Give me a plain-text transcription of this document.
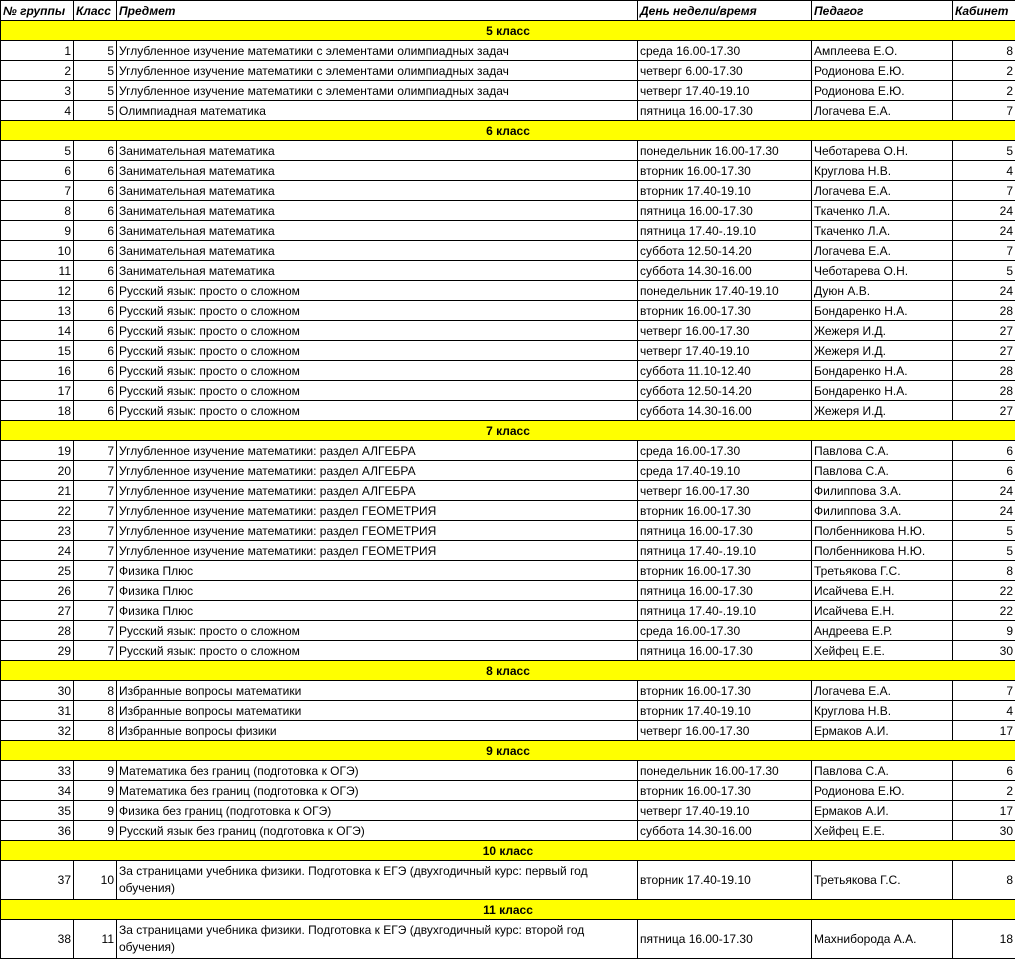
№ группы	Класс	Предмет	День недели/время	Педагог	Кабинет
5 класс					
1	5	Углубленное изучение математики с элементами олимпиадных задач	среда 16.00-17.30	Амплеева Е.О.	8
2	5	Углубленное изучение математики с элементами олимпиадных задач	четверг 6.00-17.30	Родионова Е.Ю.	2
3	5	Углубленное изучение математики с элементами олимпиадных задач	четверг 17.40-19.10	Родионова Е.Ю.	2
4	5	Олимпиадная математика	пятница 16.00-17.30	Логачева Е.А.	7
6 класс					
5	6	Занимательная математика	понедельник 16.00-17.30	Чеботарева О.Н.	5
6	6	Занимательная математика	вторник 16.00-17.30	Круглова Н.В.	4
7	6	Занимательная математика	вторник 17.40-19.10	Логачева Е.А.	7
8	6	Занимательная математика	пятница 16.00-17.30	Ткаченко Л.А.	24
9	6	Занимательная математика	пятница 17.40-.19.10	Ткаченко Л.А.	24
10	6	Занимательная математика	суббота 12.50-14.20	Логачева Е.А.	7
11	6	Занимательная математика	суббота 14.30-16.00	Чеботарева О.Н.	5
12	6	Русский язык: просто о сложном	понедельник 17.40-19.10	Дуюн А.В.	24
13	6	Русский язык: просто о сложном	вторник 16.00-17.30	Бондаренко Н.А.	28
14	6	Русский язык: просто о сложном	четверг 16.00-17.30	Жежеря И.Д.	27
15	6	Русский язык: просто о сложном	четверг 17.40-19.10	Жежеря И.Д.	27
16	6	Русский язык: просто о сложном	суббота 11.10-12.40	Бондаренко Н.А.	28
17	6	Русский язык: просто о сложном	суббота 12.50-14.20	Бондаренко Н.А.	28
18	6	Русский язык: просто о сложном	суббота 14.30-16.00	Жежеря И.Д.	27
7 класс					
19	7	Углубленное изучение математики: раздел АЛГЕБРА	среда 16.00-17.30	Павлова С.А.	6
20	7	Углубленное изучение математики: раздел АЛГЕБРА	среда 17.40-19.10	Павлова С.А.	6
21	7	Углубленное изучение математики: раздел АЛГЕБРА	четверг 16.00-17.30	Филиппова З.А.	24
22	7	Углубленное изучение математики: раздел ГЕОМЕТРИЯ	вторник 16.00-17.30	Филиппова З.А.	24
23	7	Углубленное изучение математики: раздел ГЕОМЕТРИЯ	пятница 16.00-17.30	Полбенникова Н.Ю.	5
24	7	Углубленное изучение математики: раздел ГЕОМЕТРИЯ	пятница 17.40-.19.10	Полбенникова Н.Ю.	5
25	7	Физика Плюс	вторник 16.00-17.30	Третьякова Г.С.	8
26	7	Физика Плюс	пятница 16.00-17.30	Исайчева Е.Н.	22
27	7	Физика Плюс	пятница 17.40-.19.10	Исайчева Е.Н.	22
28	7	Русский язык: просто о сложном	среда 16.00-17.30	Андреева Е.Р.	9
29	7	Русский язык: просто о сложном	пятница 16.00-17.30	Хейфец Е.Е.	30
8 класс					
30	8	Избранные вопросы математики	вторник 16.00-17.30	Логачева Е.А.	7
31	8	Избранные вопросы математики	вторник 17.40-19.10	Круглова Н.В.	4
32	8	Избранные вопросы физики	четверг 16.00-17.30	Ермаков А.И.	17
9 класс					
33	9	Математика без границ (подготовка к ОГЭ)	понедельник 16.00-17.30	Павлова С.А.	6
34	9	Математика без границ (подготовка к ОГЭ)	вторник 16.00-17.30	Родионова Е.Ю.	2
35	9	Физика без границ (подготовка к ОГЭ)	четверг 17.40-19.10	Ермаков А.И.	17
36	9	Русский язык без границ (подготовка к ОГЭ)	суббота 14.30-16.00	Хейфец Е.Е.	30
10 класс					
37	10	За страницами учебника физики. Подготовка к ЕГЭ (двухгодичный курс: первый год обучения)	вторник 17.40-19.10	Третьякова Г.С.	8
11 класс					
38	11	За страницами учебника физики. Подготовка к ЕГЭ (двухгодичный курс: второй год обучения)	пятница 16.00-17.30	Махнибородa А.А.	18
